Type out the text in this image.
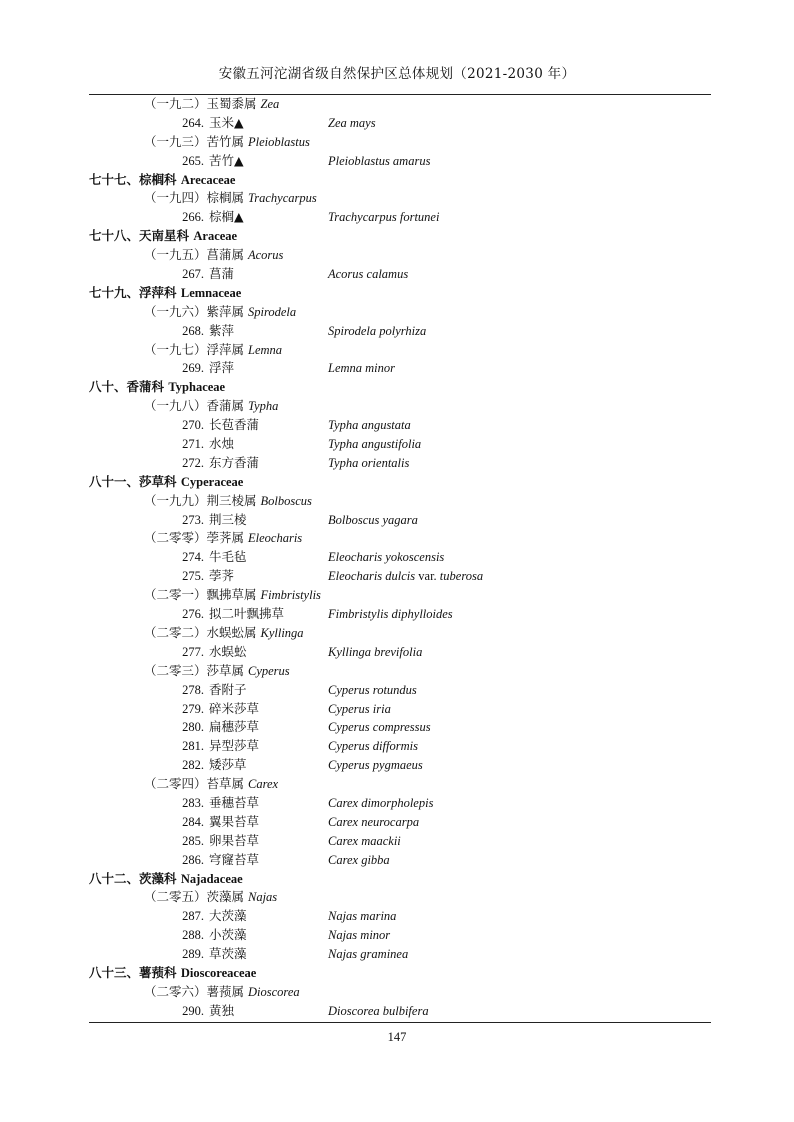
安徽五河沱湖省级自然保护区总体规划（2021-2030 年）
（一九二）玉蜀黍属 Zea
264. 玉米▲	Zea mays
（一九三）苦竹属 Pleioblastus
265. 苦竹▲	Pleioblastus amarus
七十七、棕榈科 Arecaceae
（一九四）棕榈属 Trachycarpus
266. 棕榈▲	Trachycarpus fortunei
七十八、天南星科 Araceae
（一九五）菖蒲属 Acorus
267. 菖蒲	Acorus calamus
七十九、浮萍科 Lemnaceae
（一九六）紫萍属 Spirodela
268. 紫萍	Spirodela polyrhiza
（一九七）浮萍属 Lemna
269. 浮萍	Lemna minor
八十、香蒲科 Typhaceae
（一九八）香蒲属 Typha
270. 长苞香蒲	Typha angustata
271. 水烛	Typha angustifolia
272. 东方香蒲	Typha orientalis
八十一、莎草科 Cyperaceae
（一九九）荆三棱属 Bolboscus
273. 荆三棱	Bolboscus yagara
（二零零）荸荠属 Eleocharis
274. 牛毛毡	Eleocharis yokoscensis
275. 荸荠	Eleocharis dulcis var. tuberosa
（二零一）飘拂草属 Fimbristylis
276. 拟二叶飘拂草	Fimbristylis diphylloides
（二零二）水蜈蚣属 Kyllinga
277. 水蜈蚣	Kyllinga brevifolia
（二零三）莎草属 Cyperus
278. 香附子	Cyperus rotundus
279. 碎米莎草	Cyperus iria
280. 扁穗莎草	Cyperus compressus
281. 异型莎草	Cyperus difformis
282. 矮莎草	Cyperus pygmaeus
（二零四）苔草属 Carex
283. 垂穗苔草	Carex dimorpholepis
284. 翼果苔草	Carex neurocarpa
285. 卵果苔草	Carex maackii
286. 穹窿苔草	Carex gibba
八十二、茨藻科 Najadaceae
（二零五）茨藻属 Najas
287. 大茨藻	Najas marina
288. 小茨藻	Najas minor
289. 草茨藻	Najas graminea
八十三、薯蓣科 Dioscoreaceae
（二零六）薯蓣属 Dioscorea
290. 黄独	Dioscorea bulbifera
147
